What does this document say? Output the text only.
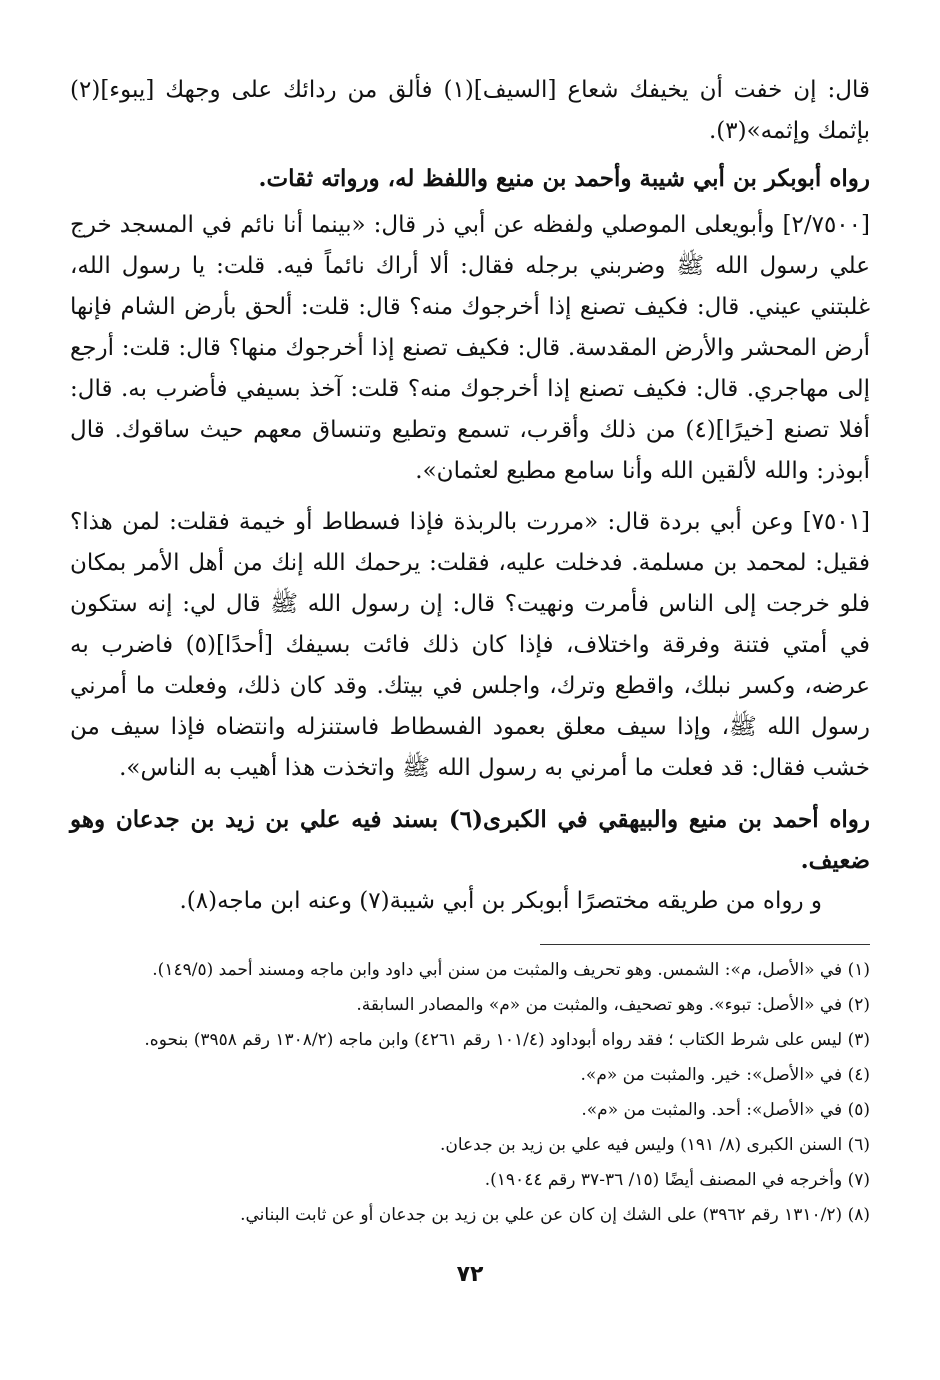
قال: إن خفت أن يخيفك شعاع [السيف](١) فألق من ردائك على وجهك [يبوء](٢) بإثمك وإثمه»(٣).

رواه أبوبكر بن أبي شيبة وأحمد بن منيع واللفظ له، ورواته ثقات.

[٢/٧٥٠٠] وأبويعلى الموصلي ولفظه عن أبي ذر قال: «بينما أنا نائم في المسجد خرج علي رسول الله ﷺ وضربني برجله فقال: ألا أراك نائماً فيه. قلت: يا رسول الله، غلبتني عيني. قال: فكيف تصنع إذا أخرجوك منه؟ قال: قلت: ألحق بأرض الشام فإنها أرض المحشر والأرض المقدسة. قال: فكيف تصنع إذا أخرجوك منها؟ قال: قلت: أرجع إلى مهاجري. قال: فكيف تصنع إذا أخرجوك منه؟ قلت: آخذ بسيفي فأضرب به. قال: أفلا تصنع [خيرًا](٤) من ذلك وأقرب، تسمع وتطيع وتنساق معهم حيث ساقوك. قال أبوذر: والله لألقين الله وأنا سامع مطيع لعثمان».

[٧٥٠١] وعن أبي بردة قال: «مررت بالربذة فإذا فسطاط أو خيمة فقلت: لمن هذا؟ فقيل: لمحمد بن مسلمة. فدخلت عليه، فقلت: يرحمك الله إنك من أهل الأمر بمكان فلو خرجت إلى الناس فأمرت ونهيت؟ قال: إن رسول الله ﷺ قال لي: إنه ستكون في أمتي فتنة وفرقة واختلاف، فإذا كان ذلك فائت بسيفك [أحدًا](٥) فاضرب به عرضه، وكسر نبلك، واقطع وترك، واجلس في بيتك. وقد كان ذلك، وفعلت ما أمرني رسول الله ﷺ، وإذا سيف معلق بعمود الفسطاط فاستنزله وانتضاه فإذا سيف من خشب فقال: قد فعلت ما أمرني به رسول الله ﷺ واتخذت هذا أهيب به الناس».

رواه أحمد بن منيع والبيهقي في الكبرى(٦) بسند فيه علي بن زيد بن جدعان وهو ضعيف.

و رواه من طريقه مختصرًا أبوبكر بن أبي شيبة(٧) وعنه ابن ماجه(٨).

(١) في «الأصل، م»: الشمس. وهو تحريف والمثبت من سنن أبي داود وابن ماجه ومسند أحمد (١٤٩/٥).

(٢) في «الأصل: تبوء». وهو تصحيف، والمثبت من «م» والمصادر السابقة.

(٣) ليس على شرط الكتاب ؛ فقد رواه أبوداود (١٠١/٤ رقم ٤٢٦١) وابن ماجه (١٣٠٨/٢ رقم ٣٩٥٨) بنحوه.

(٤) في «الأصل»: خير. والمثبت من «م».

(٥) في «الأصل»: أحد. والمثبت من «م».

(٦) السنن الكبرى (٨/ ١٩١) وليس فيه علي بن زيد بن جدعان.

(٧) وأخرجه في المصنف أيضًا (١٥/ ٣٦-٣٧ رقم ١٩٠٤٤).

(٨) (١٣١٠/٢ رقم ٣٩٦٢) على الشك إن كان عن علي بن زيد بن جدعان أو عن ثابت البناني.

٧٢
